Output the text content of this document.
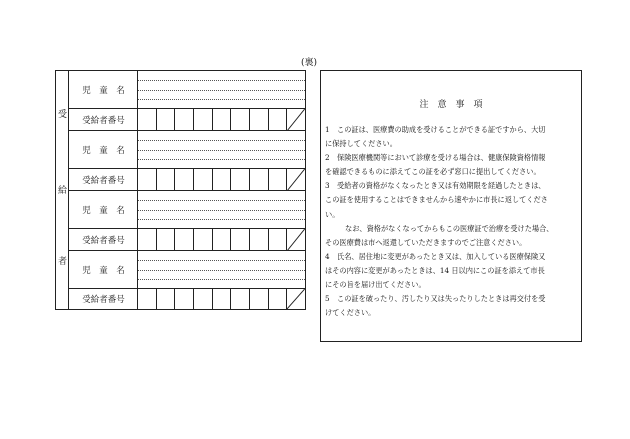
(裏)
受
給
者
児　童　名
受給者番号
児　童　名
受給者番号
児　童　名
受給者番号
児　童　名
受給者番号
注　意　事　項

1 この証は、医療費の助成を受けることができる証ですから、大切

に保持してください。

2 保険医療機関等において診療を受ける場合は、健康保険資格情報

を確認できるものに添えてこの証を必ず窓口に提出してください。

3 受給者の資格がなくなったとき又は有効期限を経過したときは、

この証を使用することはできませんから速やかに市長に返してくださ

い。

なお、資格がなくなってからもこの医療証で治療を受けた場合、

その医療費は市へ返還していただきますのでご注意ください。

4 氏名、居住地に変更があったとき又は、加入している医療保険又

はその内容に変更があったときは、14 日以内にこの証を添えて市長

にその旨を届け出てください。

5 この証を破ったり、汚したり又は失ったりしたときは再交付を受

けてください。
